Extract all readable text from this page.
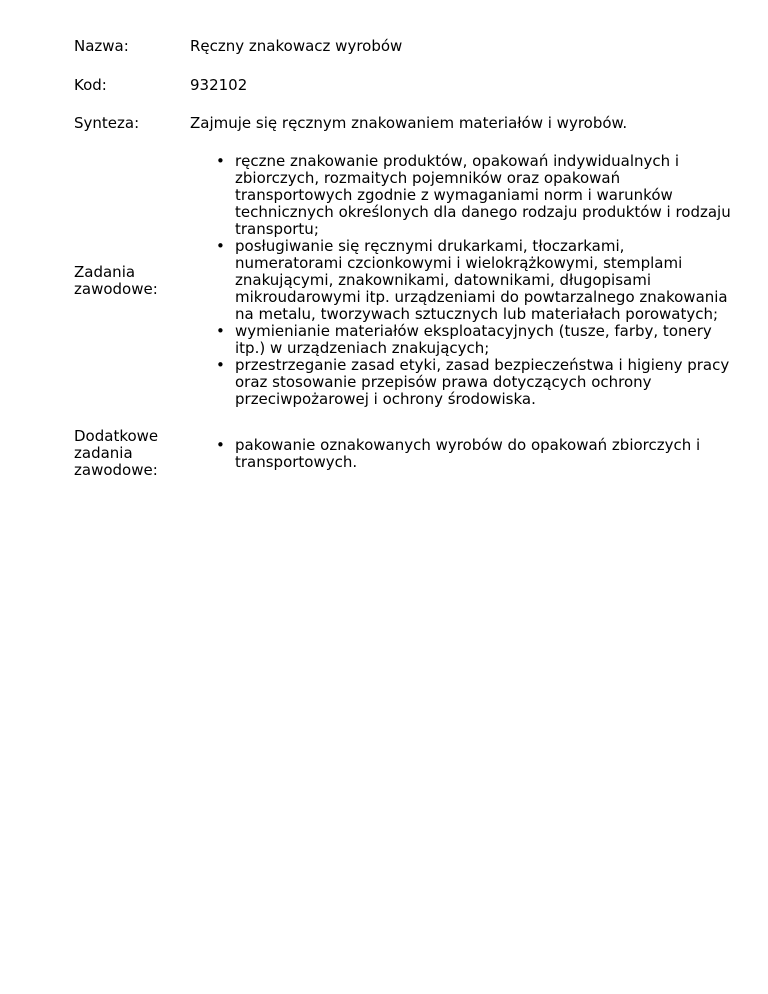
Nazwa:	Ręczny znakowacz wyrobów
Kod:	932102
Synteza:	Zajmuje się ręcznym znakowaniem materiałów i wyrobów.
Zadania zawodowe:
• ręczne znakowanie produktów, opakowań indywidualnych i zbiorczych, rozmaitych pojemników oraz opakowań transportowych zgodnie z wymaganiami norm i warunków technicznych określonych dla danego rodzaju produktów i rodzaju transportu;
• posługiwanie się ręcznymi drukarkami, tłoczarkami, numeratorami czcionkowymi i wielokrążkowymi, stemplami znakującymi, znakownikami, datownikami, długopisami mikroudarowymi itp. urządzeniami do powtarzalnego znakowania na metalu, tworzywach sztucznych lub materiałach porowatych;
• wymienianie materiałów eksploatacyjnych (tusze, farby, tonery itp.) w urządzeniach znakujących;
• przestrzeganie zasad etyki, zasad bezpieczeństwa i higieny pracy oraz stosowanie przepisów prawa dotyczących ochrony przeciwpożarowej i ochrony środowiska.
Dodatkowe zadania zawodowe:
• pakowanie oznakowanych wyrobów do opakowań zbiorczych i transportowych.
